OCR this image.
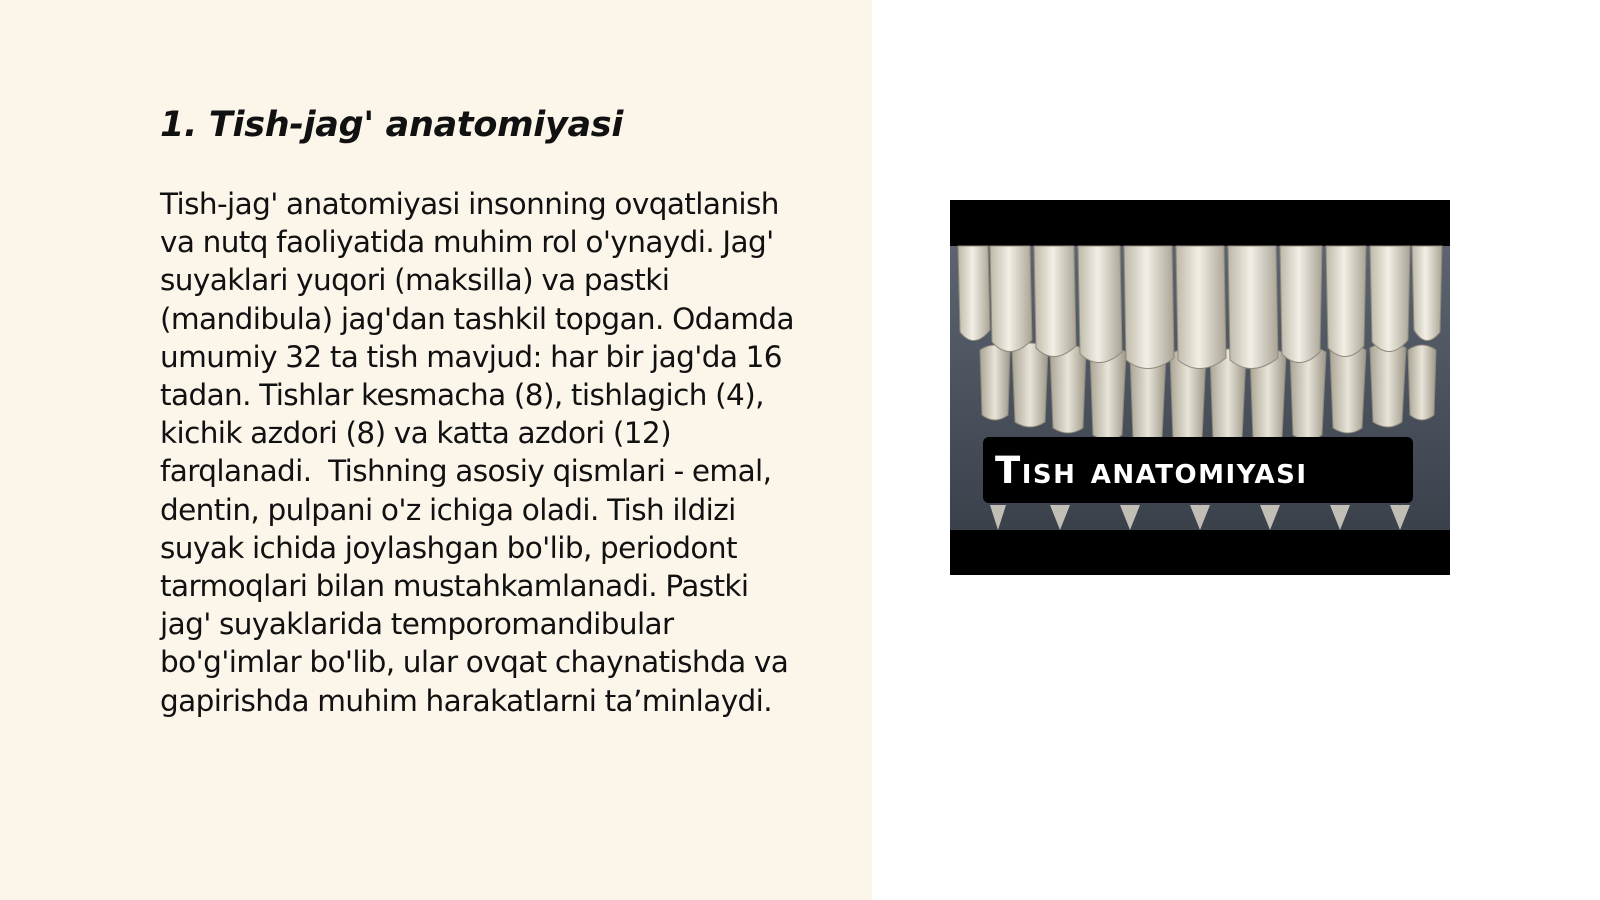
1. Tish-jag' anatomiyasi

Tish-jag' anatomiyasi insonning ovqatlanish
va nutq faoliyatida muhim rol o'ynaydi. Jag'
suyaklari yuqori (maksilla) va pastki
(mandibula) jag'dan tashkil topgan. Odamda
umumiy 32 ta tish mavjud: har bir jag'da 16
tadan. Tishlar kesmacha (8), tishlagich (4),
kichik azdori (8) va katta azdori (12)
farqlanadi.  Tishning asosiy qismlari - emal,
dentin, pulpani o'z ichiga oladi. Tish ildizi
suyak ichida joylashgan bo'lib, periodont
tarmoqlari bilan mustahkamlanadi. Pastki
jag' suyaklarida temporomandibular
bo'g'imlar bo'lib, ular ovqat chaynatishda va
gapirishda muhim harakatlarni ta’minlaydi.

Tish anatomiyasi
